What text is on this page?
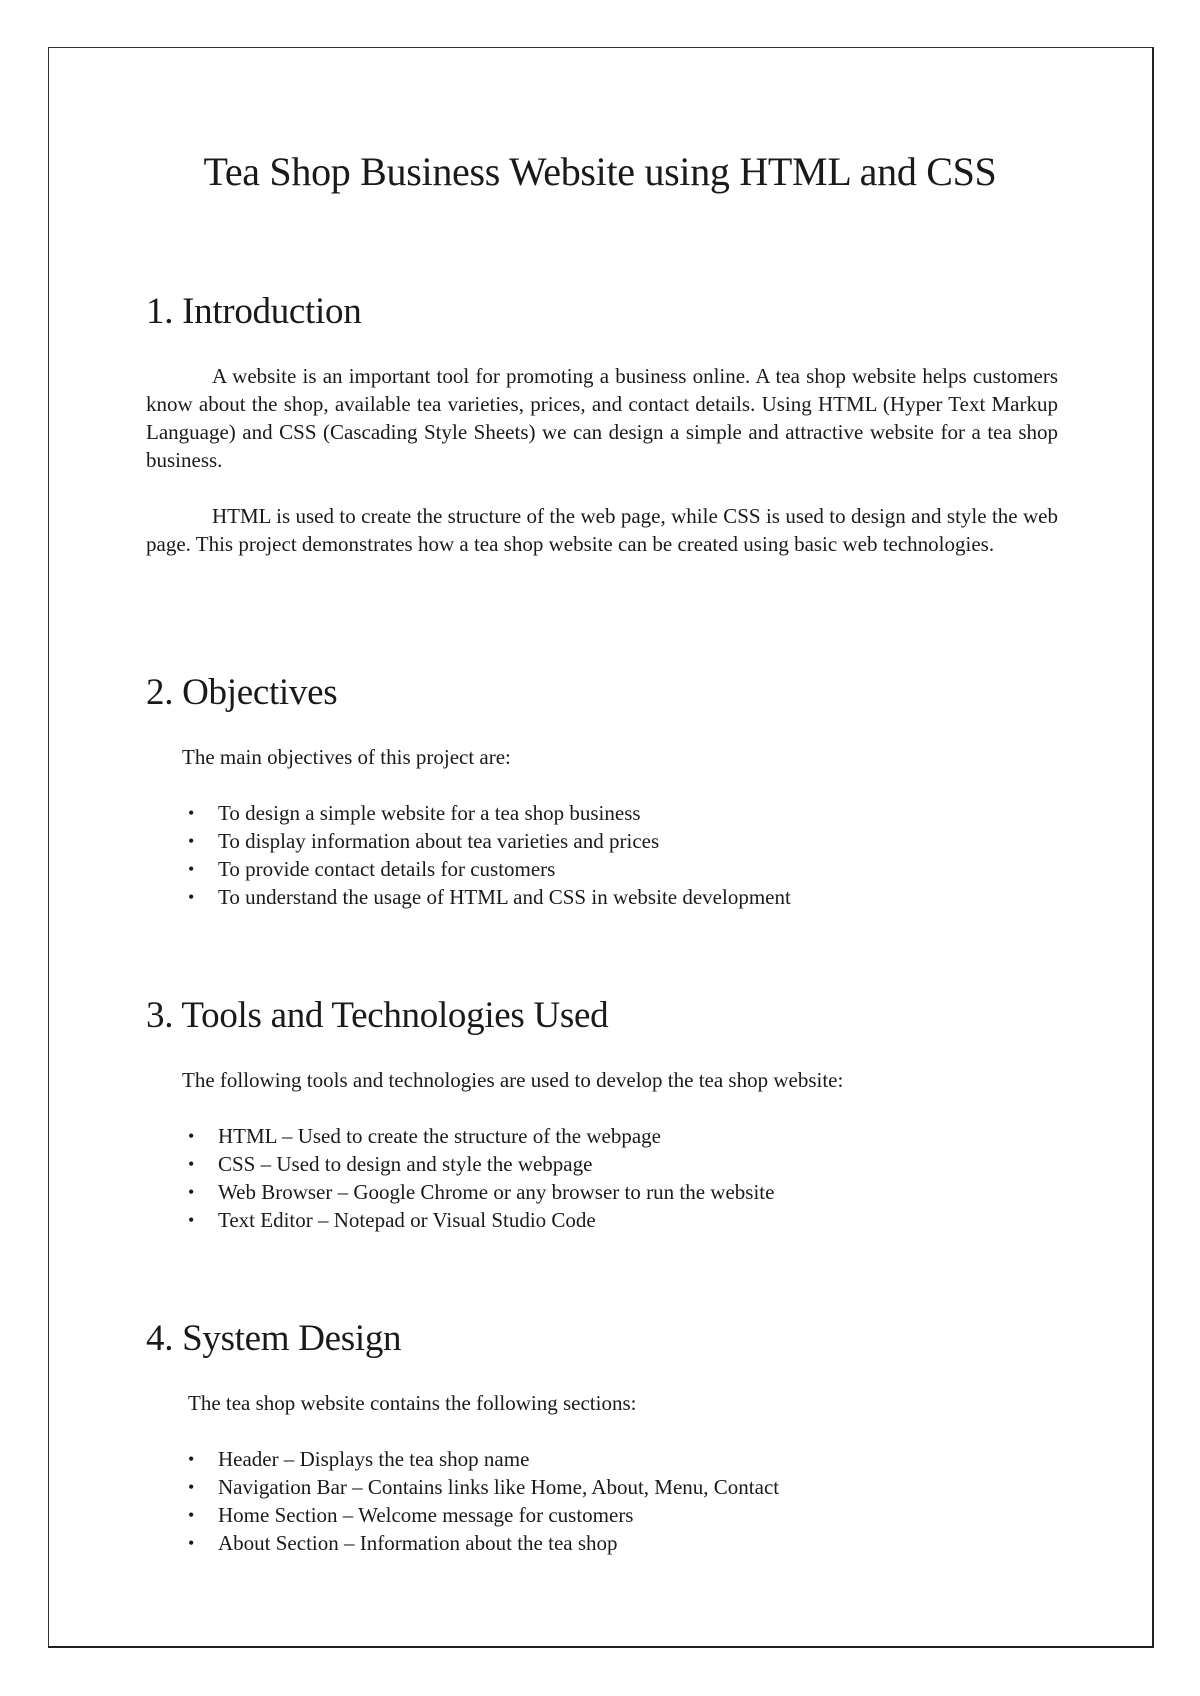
Tea Shop Business Website using HTML and CSS
1. Introduction

A website is an important tool for promoting a business online. A tea shop website helps customers know about the shop, available tea varieties, prices, and contact details. Using HTML (Hyper Text Markup Language) and CSS (Cascading Style Sheets) we can design a simple and attractive website for a tea shop business.

HTML is used to create the structure of the web page, while CSS is used to design and style the web page. This project demonstrates how a tea shop website can be created using basic web technologies.

2. Objectives

The main objectives of this project are:

• To design a simple website for a tea shop business
• To display information about tea varieties and prices
• To provide contact details for customers
• To understand the usage of HTML and CSS in website development
3. Tools and Technologies Used

The following tools and technologies are used to develop the tea shop website:

• HTML – Used to create the structure of the webpage
• CSS – Used to design and style the webpage
• Web Browser – Google Chrome or any browser to run the website
• Text Editor – Notepad or Visual Studio Code
4. System Design

The tea shop website contains the following sections:

• Header – Displays the tea shop name
• Navigation Bar – Contains links like Home, About, Menu, Contact
• Home Section – Welcome message for customers
• About Section – Information about the tea shop
